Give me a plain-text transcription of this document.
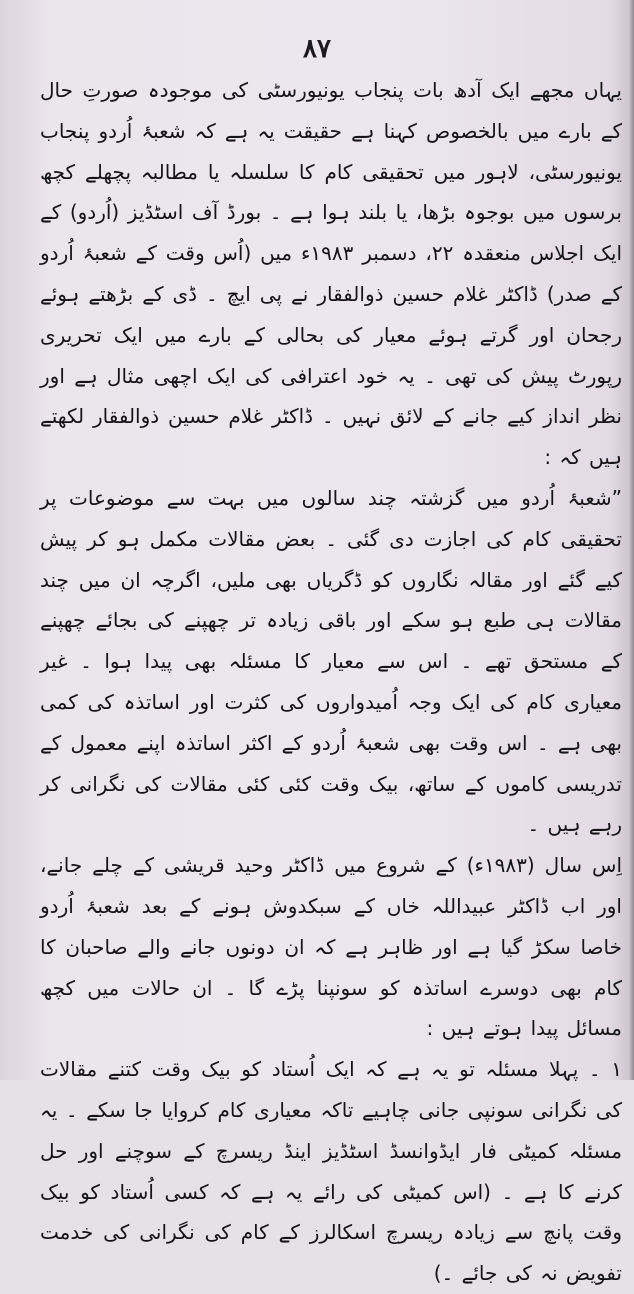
۸۷

یہاں مجھے ایک آدھ بات پنجاب یونیورسٹی کی موجودہ صورتِ حال کے بارے میں بالخصوص کہنا ہے حقیقت یہ ہے کہ شعبۂ اُردو پنجاب یونیورسٹی، لاہور میں تحقیقی کام کا سلسلہ یا مطالبہ پچھلے کچھ برسوں میں بوجوہ بڑھا، یا بلند ہوا ہے ۔ بورڈ آف اسٹڈیز (اُردو) کے ایک اجلاس منعقدہ ۲۲، دسمبر ۱۹۸۳ء میں (اُس وقت کے شعبۂ اُردو کے صدر) ڈاکٹر غلام حسین ذوالفقار نے پی ایچ ۔ ڈی کے بڑھتے ہوئے رجحان اور گرتے ہوئے معیار کی بحالی کے بارے میں ایک تحریری رپورٹ پیش کی تھی ۔ یہ خود اعترافی کی ایک اچھی مثال ہے اور نظر انداز کیے جانے کے لائق نہیں ۔ ڈاکٹر غلام حسین ذوالفقار لکھتے ہیں کہ :

”شعبۂ اُردو میں گزشتہ چند سالوں میں بہت سے موضوعات پر تحقیقی کام کی اجازت دی گئی ۔ بعض مقالات مکمل ہو کر پیش کیے گئے اور مقالہ نگاروں کو ڈگریاں بھی ملیں، اگرچہ ان میں چند مقالات ہی طبع ہو سکے اور باقی زیادہ تر چھپنے کی بجائے چھپنے کے مستحق تھے ۔ اس سے معیار کا مسئلہ بھی پیدا ہوا ۔ غیر معیاری کام کی ایک وجہ اُمیدواروں کی کثرت اور اساتذہ کی کمی بھی ہے ۔ اس وقت بھی شعبۂ اُردو کے اکثر اساتذہ اپنے معمول کے تدریسی کاموں کے ساتھ، بیک وقت کئی کئی مقالات کی نگرانی کر رہے ہیں ۔

اِس سال (۱۹۸۳ء) کے شروع میں ڈاکٹر وحید قریشی کے چلے جانے، اور اب ڈاکٹر عبیداللہ خاں کے سبکدوش ہونے کے بعد شعبۂ اُردو خاصا سکڑ گیا ہے اور ظاہر ہے کہ ان دونوں جانے والے صاحبان کا کام بھی دوسرے اساتذہ کو سونپنا پڑے گا ۔ ان حالات میں کچھ مسائل پیدا ہوتے ہیں :

۱ ۔ پہلا مسئلہ تو یہ ہے کہ ایک اُستاد کو بیک وقت کتنے مقالات کی نگرانی سونپی جانی چاہیے تاکہ معیاری کام کروایا جا سکے ۔ یہ مسئلہ کمیٹی فار ایڈوانسڈ اسٹڈیز اینڈ ریسرچ کے سوچنے اور حل کرنے کا ہے ۔ (اس کمیٹی کی رائے یہ ہے کہ کسی اُستاد کو بیک وقت پانچ سے زیادہ ریسرچ اسکالرز کے کام کی نگرانی کی خدمت تفویض نہ کی جائے ۔)
